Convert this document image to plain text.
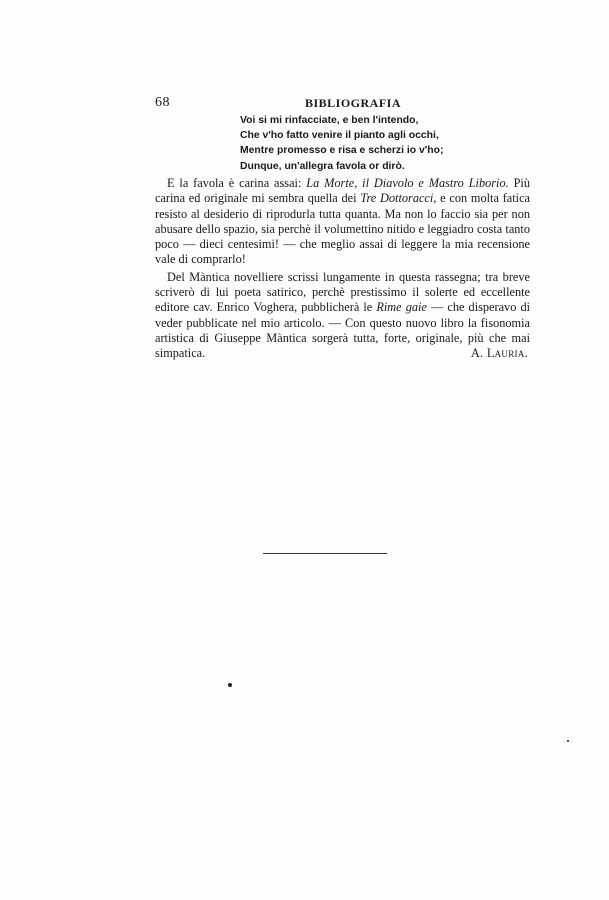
68	BIBLIOGRAFIA
Voi si mi rinfacciate, e ben l'intendo,
Che v'ho fatto venire il pianto agli occhi,
Mentre promesso e risa e scherzi io v'ho;
Dunque, un'allegra favola or dirò.

E la favola è carina assai: La Morte, il Diavolo e Mastro Liborio. Più carina ed originale mi sembra quella dei Tre Dottoracci, e con molta fatica resisto al desiderio di riprodurla tutta quanta. Ma non lo faccio sia per non abusare dello spazio, sia perchè il volumettino nitido e leggiadro costa tanto poco — dieci centesimi! — che meglio assai di leggere la mia recensione vale di comprarlo!

Del Màntica novelliere scrissi lungamente in questa rassegna; tra breve scriverò di lui poeta satirico, perchè prestissimo il solerte ed eccellente editore cav. Enrico Voghera, pubblicherà le Rime gaie — che disperavo di veder pubblicate nel mio articolo. — Con questo nuovo libro la fisonomia artistica di Giuseppe Màntica sorgerà tutta, forte, originale, più che mai simpatica.	A. Lauria.
